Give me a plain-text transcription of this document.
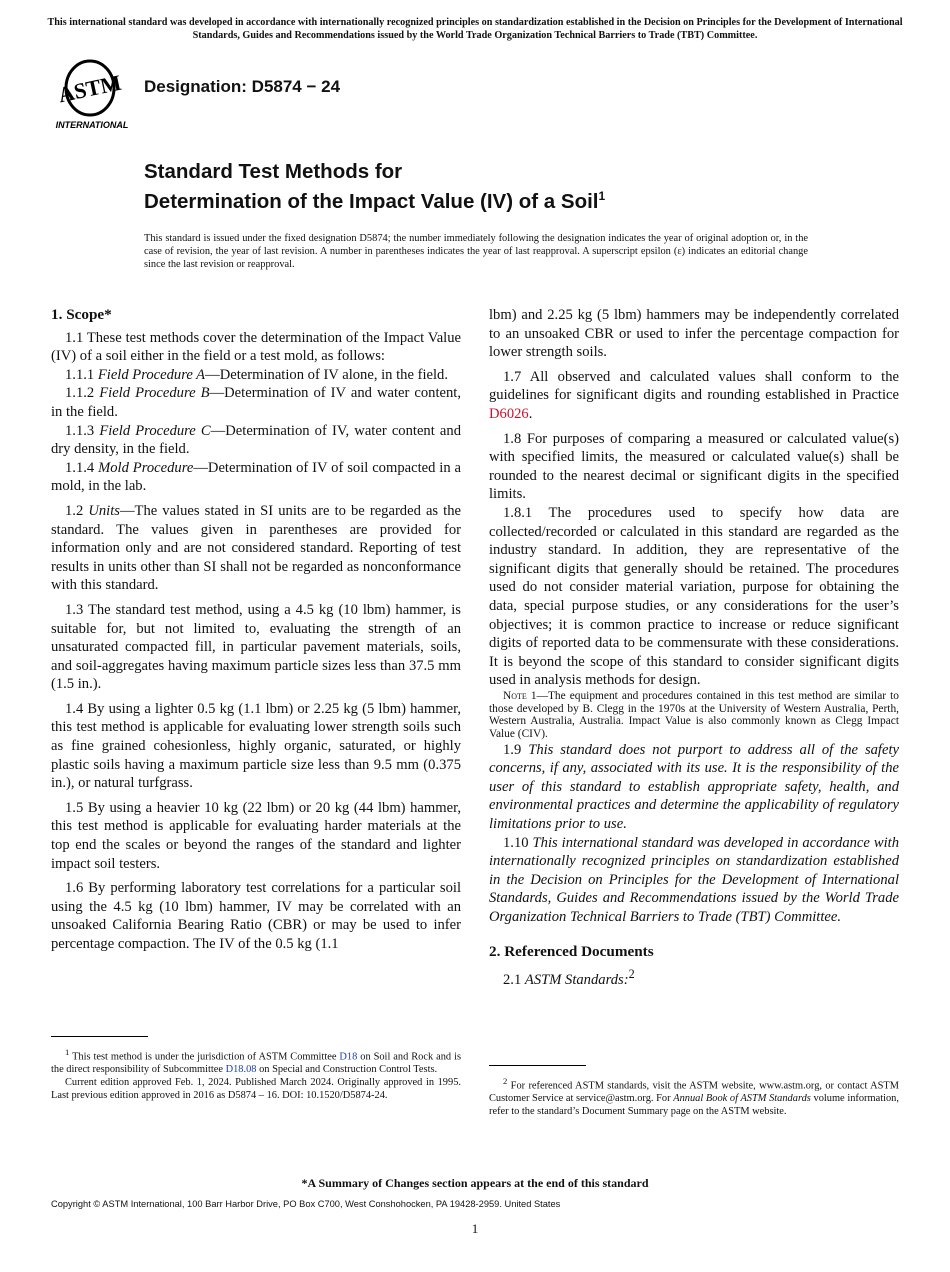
This international standard was developed in accordance with internationally recognized principles on standardization established in the Decision on Principles for the Development of International Standards, Guides and Recommendations issued by the World Trade Organization Technical Barriers to Trade (TBT) Committee.
ASTM
INTERNATIONAL
Designation: D5874 − 24
Standard Test Methods for
Determination of the Impact Value (IV) of a Soil$^1$
This standard is issued under the fixed designation D5874; the number immediately following the designation indicates the year of original adoption or, in the case of revision, the year of last revision. A number in parentheses indicates the year of last reapproval. A superscript epsilon (ε) indicates an editorial change since the last revision or reapproval.
1. Scope*

1.1 These test methods cover the determination of the Impact Value (IV) of a soil either in the field or a test mold, as follows:

1.1.1 Field Procedure A—Determination of IV alone, in the field.

1.1.2 Field Procedure B—Determination of IV and water content, in the field.

1.1.3 Field Procedure C—Determination of IV, water content and dry density, in the field.

1.1.4 Mold Procedure—Determination of IV of soil compacted in a mold, in the lab.

1.2 Units—The values stated in SI units are to be regarded as the standard. The values given in parentheses are provided for information only and are not considered standard. Reporting of test results in units other than SI shall not be regarded as nonconformance with this standard.

1.3 The standard test method, using a 4.5 kg (10 lbm) hammer, is suitable for, but not limited to, evaluating the strength of an unsaturated compacted fill, in particular pavement materials, soils, and soil-aggregates having maximum particle sizes less than 37.5 mm (1.5 in.).

1.4 By using a lighter 0.5 kg (1.1 lbm) or 2.25 kg (5 lbm) hammer, this test method is applicable for evaluating lower strength soils such as fine grained cohesionless, highly organic, saturated, or highly plastic soils having a maximum particle size less than 9.5 mm (0.375 in.), or natural turfgrass.

1.5 By using a heavier 10 kg (22 lbm) or 20 kg (44 lbm) hammer, this test method is applicable for evaluating harder materials at the top end the scales or beyond the ranges of the standard and lighter impact soil testers.

1.6 By performing laboratory test correlations for a particular soil using the 4.5 kg (10 lbm) hammer, IV may be correlated with an unsoaked California Bearing Ratio (CBR) or may be used to infer percentage compaction. The IV of the 0.5 kg (1.1

$^1$ This test method is under the jurisdiction of ASTM Committee D18 on Soil and Rock and is the direct responsibility of Subcommittee D18.08 on Special and Construction Control Tests.

Current edition approved Feb. 1, 2024. Published March 2024. Originally approved in 1995. Last previous edition approved in 2016 as D5874 – 16. DOI: 10.1520/D5874-24.

lbm) and 2.25 kg (5 lbm) hammers may be independently correlated to an unsoaked CBR or used to infer the percentage compaction for lower strength soils.

1.7 All observed and calculated values shall conform to the guidelines for significant digits and rounding established in Practice D6026.

1.8 For purposes of comparing a measured or calculated value(s) with specified limits, the measured or calculated value(s) shall be rounded to the nearest decimal or significant digits in the specified limits.

1.8.1 The procedures used to specify how data are collected/recorded or calculated in this standard are regarded as the industry standard. In addition, they are representative of the significant digits that generally should be retained. The procedures used do not consider material variation, purpose for obtaining the data, special purpose studies, or any considerations for the user’s objectives; it is common practice to increase or reduce significant digits of reported data to be commensurate with these considerations. It is beyond the scope of this standard to consider significant digits used in analysis methods for design.

Note 1—The equipment and procedures contained in this test method are similar to those developed by B. Clegg in the 1970s at the University of Western Australia, Perth, Western Australia, Australia. Impact Value is also commonly known as Clegg Impact Value (CIV).

1.9 This standard does not purport to address all of the safety concerns, if any, associated with its use. It is the responsibility of the user of this standard to establish appropriate safety, health, and environmental practices and determine the applicability of regulatory limitations prior to use.

1.10 This international standard was developed in accordance with internationally recognized principles on standardization established in the Decision on Principles for the Development of International Standards, Guides and Recommendations issued by the World Trade Organization Technical Barriers to Trade (TBT) Committee.

2. Referenced Documents

2.1 ASTM Standards:$^2$

$^2$ For referenced ASTM standards, visit the ASTM website, www.astm.org, or contact ASTM Customer Service at service@astm.org. For Annual Book of ASTM Standards volume information, refer to the standard’s Document Summary page on the ASTM website.

*A Summary of Changes section appears at the end of this standard
Copyright © ASTM International, 100 Barr Harbor Drive, PO Box C700, West Conshohocken, PA 19428-2959. United States
1
